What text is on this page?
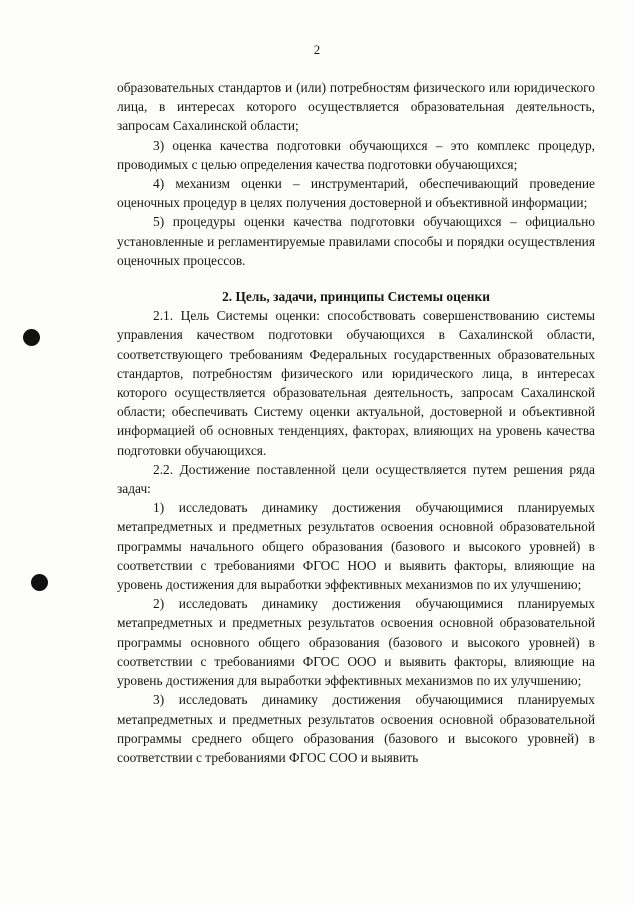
2

образовательных стандартов и (или) потребностям физического или юридического лица, в интересах которого осуществляется образовательная деятельность, запросам Сахалинской области;

3) оценка качества подготовки обучающихся – это комплекс процедур, проводимых с целью определения качества подготовки обучающихся;

4) механизм оценки – инструментарий, обеспечивающий проведение оценочных процедур в целях получения достоверной и объективной информации;

5) процедуры оценки качества подготовки обучающихся – официально установленные и регламентируемые правилами способы и порядки осуществления оценочных процессов.

2. Цель, задачи, принципы Системы оценки

2.1. Цель Системы оценки: способствовать совершенствованию системы управления качеством подготовки обучающихся в Сахалинской области, соответствующего требованиям Федеральных государственных образовательных стандартов, потребностям физического или юридического лица, в интересах которого осуществляется образовательная деятельность, запросам Сахалинской области; обеспечивать Систему оценки актуальной, достоверной и объективной информацией об основных тенденциях, факторах, влияющих на уровень качества подготовки обучающихся.

2.2. Достижение поставленной цели осуществляется путем решения ряда задач:

1) исследовать динамику достижения обучающимися планируемых метапредметных и предметных результатов освоения основной образовательной программы начального общего образования (базового и высокого уровней) в соответствии с требованиями ФГОС НОО и выявить факторы, влияющие на уровень достижения для выработки эффективных механизмов по их улучшению;

2) исследовать динамику достижения обучающимися планируемых метапредметных и предметных результатов освоения основной образовательной программы основного общего образования (базового и высокого уровней) в соответствии с требованиями ФГОС ООО и выявить факторы, влияющие на уровень достижения для выработки эффективных механизмов по их улучшению;

3) исследовать динамику достижения обучающимися планируемых метапредметных и предметных результатов освоения основной образовательной программы среднего общего образования (базового и высокого уровней) в соответствии с требованиями ФГОС СОО и выявить
